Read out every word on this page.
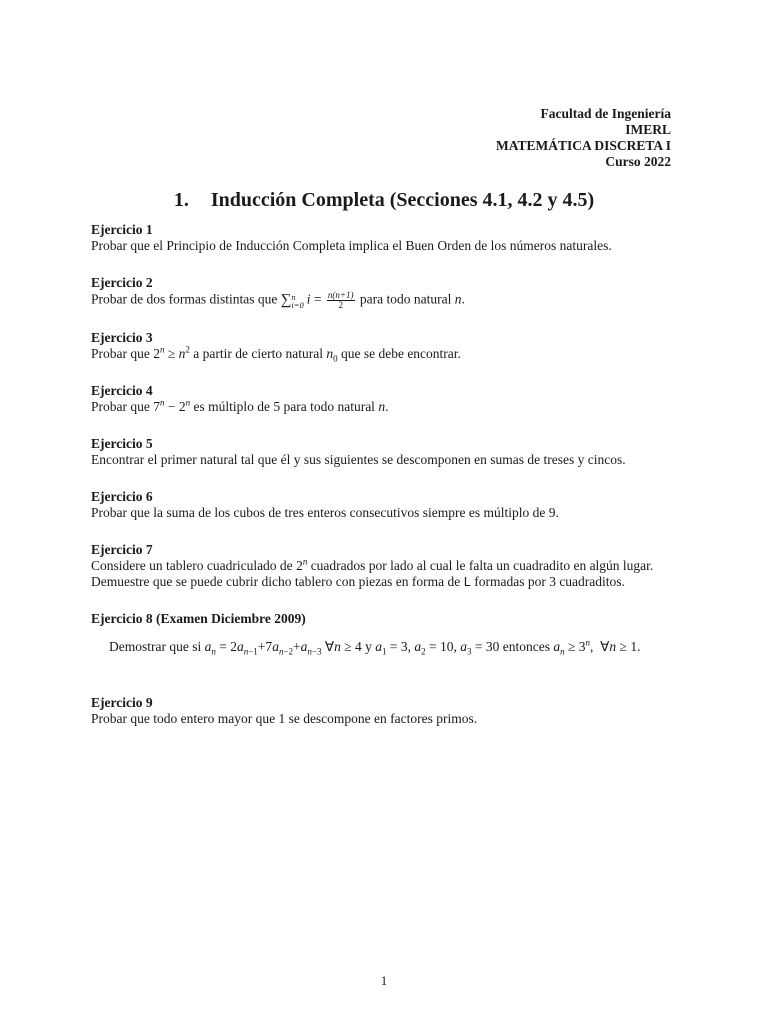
Facultad de Ingeniería
IMERL
MATEMÁTICA DISCRETA I
Curso 2022
1. Inducción Completa (Secciones 4.1, 4.2 y 4.5)
Ejercicio 1
Probar que el Principio de Inducción Completa implica el Buen Orden de los números naturales.
Ejercicio 2
Probar de dos formas distintas que ∑n
i=0 $i = \frac{n(n+1)}{2}$ para todo natural n.
Ejercicio 3
Probar que $2^n \ge n^2$ a partir de cierto natural $n_0$ que se debe encontrar.
Ejercicio 4
Probar que $7^n - 2^n$ es múltiplo de 5 para todo natural n.
Ejercicio 5
Encontrar el primer natural tal que él y sus siguientes se descomponen en sumas de treses y cincos.
Ejercicio 6
Probar que la suma de los cubos de tres enteros consecutivos siempre es múltiplo de 9.
Ejercicio 7
Considere un tablero cuadriculado de 2$^n$ cuadrados por lado al cual le falta un cuadradito en algún lugar.
Demuestre que se puede cubrir dicho tablero con piezas en forma de L formadas por 3 cuadraditos.
Ejercicio 8 (Examen Diciembre 2009)
Demostrar que si $a_n = 2a_{n-1}+7a_{n-2}+a_{n-3}$ ∀n ≥ 4 y $a_1 = 3$, $a_2 = 10$, $a_3 = 30$ entonces $a_n \ge 3^n$,  ∀n ≥ 1.
Ejercicio 9
Probar que todo entero mayor que 1 se descompone en factores primos.
1
